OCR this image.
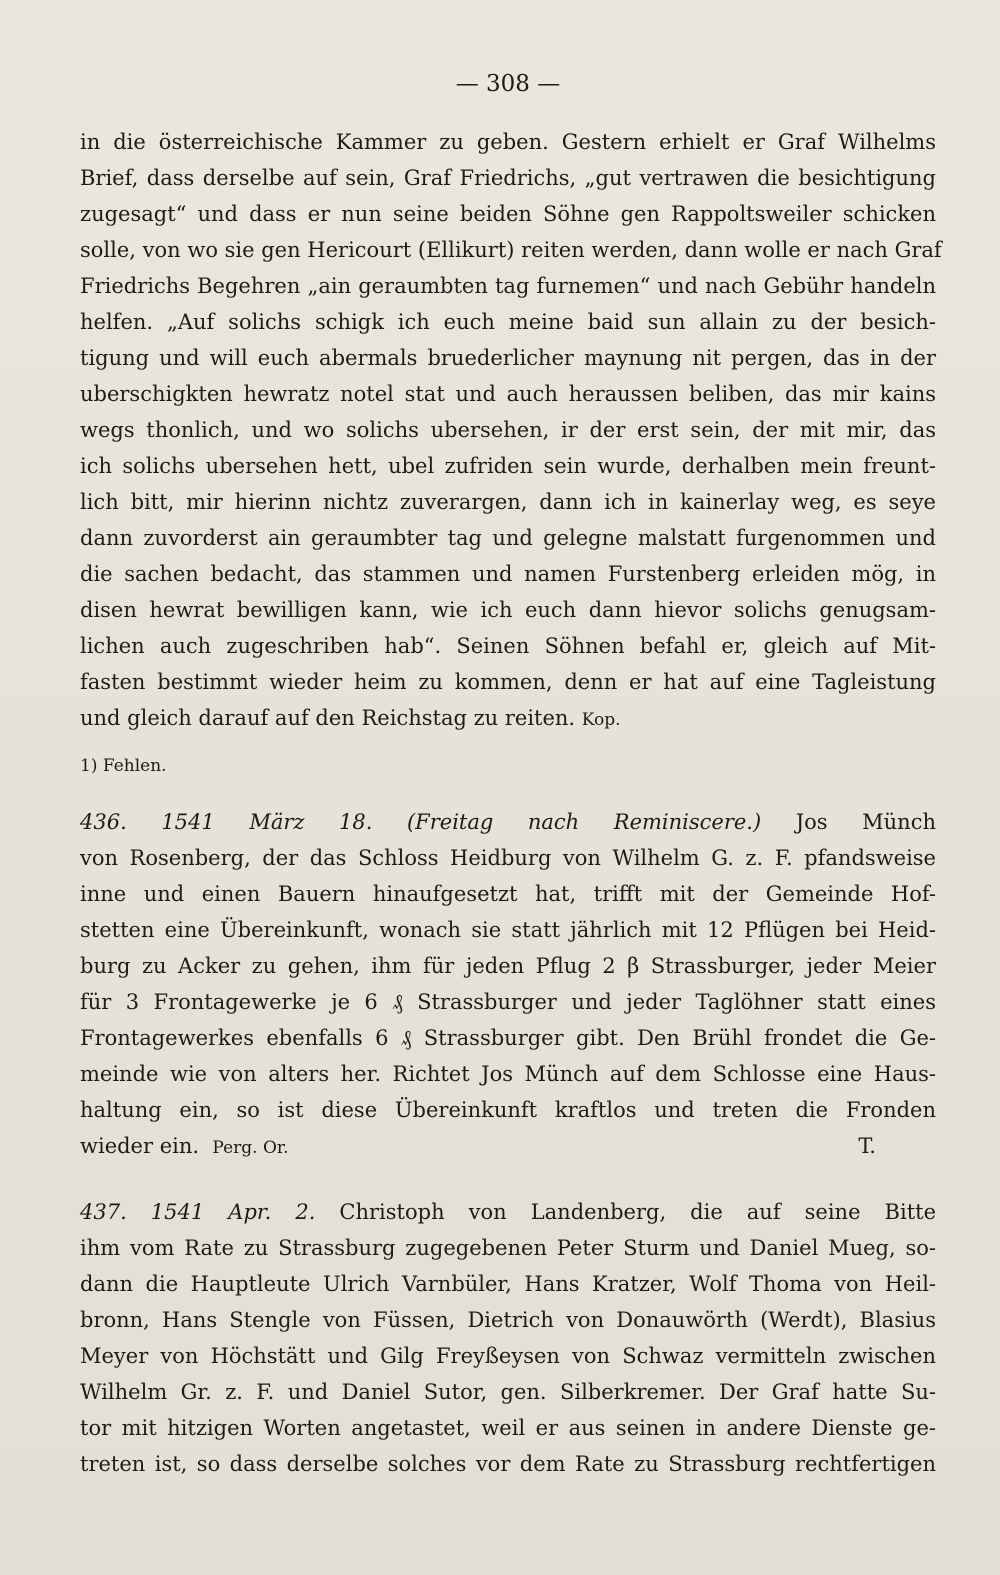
— 308 —
in die österreichische Kammer zu geben. Gestern erhielt er Graf Wilhelms
Brief, dass derselbe auf sein, Graf Friedrichs, „gut vertrawen die besichtigung
zugesagt“ und dass er nun seine beiden Söhne gen Rappoltsweiler schicken
solle, von wo sie gen Hericourt (Ellikurt) reiten werden, dann wolle er nach Graf
Friedrichs Begehren „ain geraumbten tag furnemen“ und nach Gebühr handeln
helfen. „Auf solichs schigk ich euch meine baid sun allain zu der besich-
tigung und will euch abermals bruederlicher maynung nit pergen, das in der
uberschigkten hewratz notel stat und auch heraussen beliben, das mir kains
wegs thonlich, und wo solichs ubersehen, ir der erst sein, der mit mir, das
ich solichs ubersehen hett, ubel zufriden sein wurde, derhalben mein freunt-
lich bitt, mir hierinn nichtz zuverargen, dann ich in kainerlay weg, es seye
dann zuvorderst ain geraumbter tag und gelegne malstatt furgenommen und
die sachen bedacht, das stammen und namen Furstenberg erleiden mög, in
disen hewrat bewilligen kann, wie ich euch dann hievor solichs genugsam-
lichen auch zugeschriben hab“. Seinen Söhnen befahl er, gleich auf Mit-
fasten bestimmt wieder heim zu kommen, denn er hat auf eine Tagleistung
und gleich darauf auf den Reichstag zu reiten. Kop.
1) Fehlen.
436. 1541 März 18. (Freitag nach Reminiscere.) Jos Münch
von Rosenberg, der das Schloss Heidburg von Wilhelm G. z. F. pfandsweise
inne und einen Bauern hinaufgesetzt hat, trifft mit der Gemeinde Hof-
stetten eine Übereinkunft, wonach sie statt jährlich mit 12 Pflügen bei Heid-
burg zu Acker zu gehen, ihm für jeden Pflug 2 β Strassburger, jeder Meier
für 3 Frontagewerke je 6 ₰ Strassburger und jeder Taglöhner statt eines
Frontagewerkes ebenfalls 6 ₰ Strassburger gibt. Den Brühl frondet die Ge-
meinde wie von alters her. Richtet Jos Münch auf dem Schlosse eine Haus-
haltung ein, so ist diese Übereinkunft kraftlos und treten die Fronden
wieder ein. Perg. Or.	T.
437. 1541 Apr. 2. Christoph von Landenberg, die auf seine Bitte
ihm vom Rate zu Strassburg zugegebenen Peter Sturm und Daniel Mueg, so-
dann die Hauptleute Ulrich Varnbüler, Hans Kratzer, Wolf Thoma von Heil-
bronn, Hans Stengle von Füssen, Dietrich von Donauwörth (Werdt), Blasius
Meyer von Höchstätt und Gilg Freyßeysen von Schwaz vermitteln zwischen
Wilhelm Gr. z. F. und Daniel Sutor, gen. Silberkremer. Der Graf hatte Su-
tor mit hitzigen Worten angetastet, weil er aus seinen in andere Dienste ge-
treten ist, so dass derselbe solches vor dem Rate zu Strassburg rechtfertigen
